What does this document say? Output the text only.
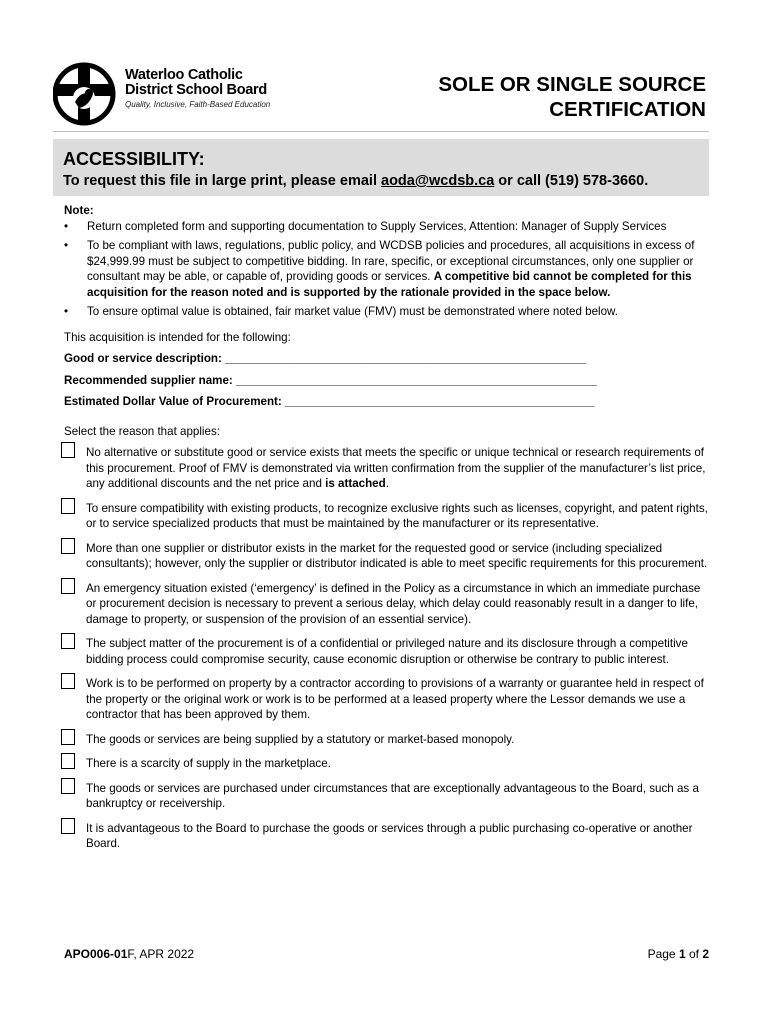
Waterloo Catholic
District School Board
Quality, Inclusive, Faith-Based Education
SOLE OR SINGLE SOURCE
CERTIFICATION
ACCESSIBILITY:
To request this file in large print, please email aoda@wcdsb.ca or call (519) 578-3660.
Note:
• Return completed form and supporting documentation to Supply Services, Attention: Manager of Supply Services
• To be compliant with laws, regulations, public policy, and WCDSB policies and procedures, all acquisitions in excess of $24,999.99 must be subject to competitive bidding. In rare, specific, or exceptional circumstances, only one supplier or consultant may be able, or capable of, providing goods or services. A competitive bid cannot be completed for this acquisition for the reason noted and is supported by the rationale provided in the space below.
• To ensure optimal value is obtained, fair market value (FMV) must be demonstrated where noted below.
This acquisition is intended for the following:
Good or service description: ________________________________________________________
Recommended supplier name: ________________________________________________________
Estimated Dollar Value of Procurement: ________________________________________________
Select the reason that applies:
No alternative or substitute good or service exists that meets the specific or unique technical or research requirements of this procurement. Proof of FMV is demonstrated via written confirmation from the supplier of the manufacturer’s list price, any additional discounts and the net price and is attached.
To ensure compatibility with existing products, to recognize exclusive rights such as licenses, copyright, and patent rights, or to service specialized products that must be maintained by the manufacturer or its representative.
More than one supplier or distributor exists in the market for the requested good or service (including specialized consultants); however, only the supplier or distributor indicated is able to meet specific requirements for this procurement.
An emergency situation existed (‘emergency’ is defined in the Policy as a circumstance in which an immediate purchase or procurement decision is necessary to prevent a serious delay, which delay could reasonably result in a danger to life, damage to property, or suspension of the provision of an essential service).
The subject matter of the procurement is of a confidential or privileged nature and its disclosure through a competitive bidding process could compromise security, cause economic disruption or otherwise be contrary to public interest.
Work is to be performed on property by a contractor according to provisions of a warranty or guarantee held in respect of the property or the original work or work is to be performed at a leased property where the Lessor demands we use a contractor that has been approved by them.
The goods or services are being supplied by a statutory or market-based monopoly.
There is a scarcity of supply in the marketplace.
The goods or services are purchased under circumstances that are exceptionally advantageous to the Board, such as a bankruptcy or receivership.
It is advantageous to the Board to purchase the goods or services through a public purchasing co-operative or another Board.
APO006-01F, APR 2022	Page 1 of 2
